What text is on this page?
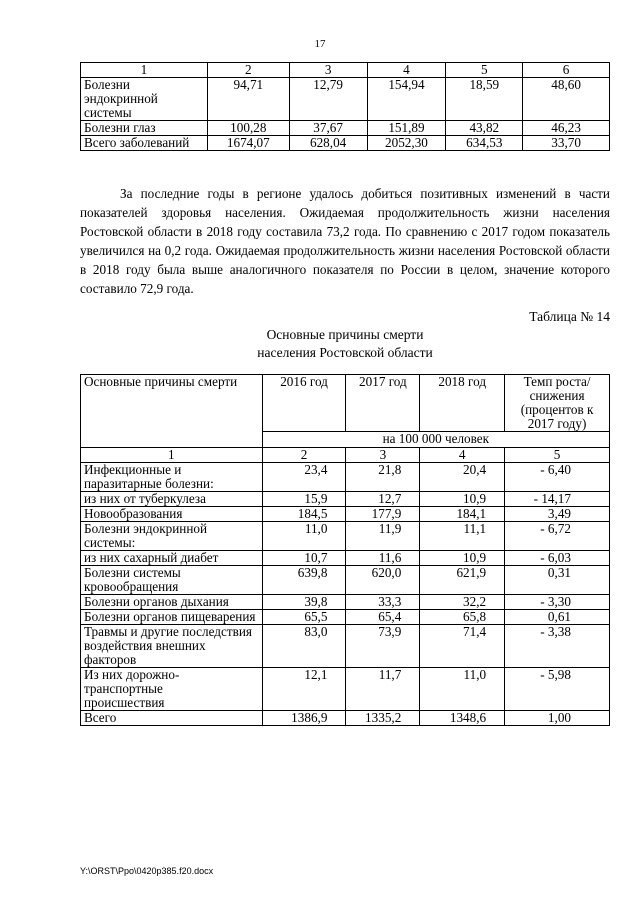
17
1	2	3	4	5	6
Болезни эндокринной системы	94,71	12,79	154,94	18,59	48,60
Болезни глаз	100,28	37,67	151,89	43,82	46,23
Всего заболеваний	1674,07	628,04	2052,30	634,53	33,70

За последние годы в регионе удалось добиться позитивных изменений в части показателей здоровья населения. Ожидаемая продолжительность жизни населения Ростовской области в 2018 году составила 73,2 года. По сравнению с 2017 годом показатель увеличился на 0,2 года. Ожидаемая продолжительность жизни населения Ростовской области в 2018 году была выше аналогичного показателя по России в целом, значение которого составило 72,9 года.

Таблица № 14
Основные причины смерти
населения Ростовской области
Основные причины смерти	2016 год	2017 год	2018 год	Темп роста/снижения (процентов к 2017 году)
	на 100 000 человек			
1	2	3	4	5
Инфекционные и паразитарные болезни:	23,4	21,8	20,4	- 6,40
из них от туберкулеза	15,9	12,7	10,9	- 14,17
Новообразования	184,5	177,9	184,1	3,49
Болезни эндокринной системы:	11,0	11,9	11,1	- 6,72
из них сахарный диабет	10,7	11,6	10,9	- 6,03
Болезни системы кровообращения	639,8	620,0	621,9	0,31
Болезни органов дыхания	39,8	33,3	32,2	- 3,30
Болезни органов пищеварения	65,5	65,4	65,8	0,61
Травмы и другие последствия воздействия внешних факторов	83,0	73,9	71,4	- 3,38
Из них дорожно-транспортные происшествия	12,1	11,7	11,0	- 5,98
Всего	1386,9	1335,2	1348,6	1,00
Y:\ORST\Ppo\0420p385.f20.docx
